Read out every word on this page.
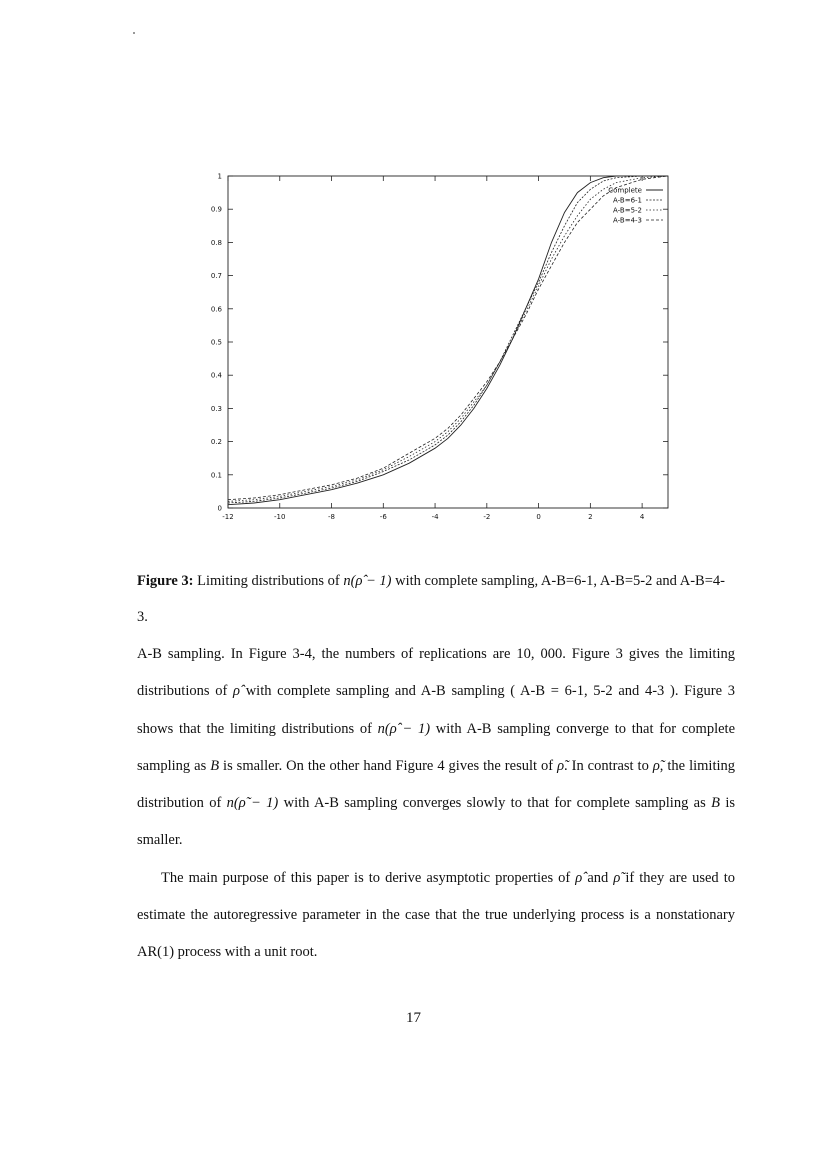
0
0.1
0.2
0.3
0.4
0.5
0.6
0.7
0.8
0.9
1
-12	-10	-8	-6	-4	-2	0	2	4
Complete
A-B=6-1
A-B=5-2
A-B=4-3
Figure 3: Limiting distributions of n(ρ̂ − 1) with complete sampling, A-B=6-1, A-B=5-2 and A-B=4-3.

A-B sampling. In Figure 3-4, the numbers of replications are 10, 000. Figure 3 gives the limiting distributions of ρ̂ with complete sampling and A-B sampling ( A-B = 6-1, 5-2 and 4-3 ). Figure 3 shows that the limiting distributions of n(ρ̂ − 1) with A-B sampling converge to that for complete sampling as B is smaller. On the other hand Figure 4 gives the result of ρ̃. In contrast to ρ̃, the limiting distribution of n(ρ̃ − 1) with A-B sampling converges slowly to that for complete sampling as B is smaller.

The main purpose of this paper is to derive asymptotic properties of ρ̂ and ρ̃ if they are used to estimate the autoregressive parameter in the case that the true underlying process is a nonstationary AR(1) process with a unit root.

17
